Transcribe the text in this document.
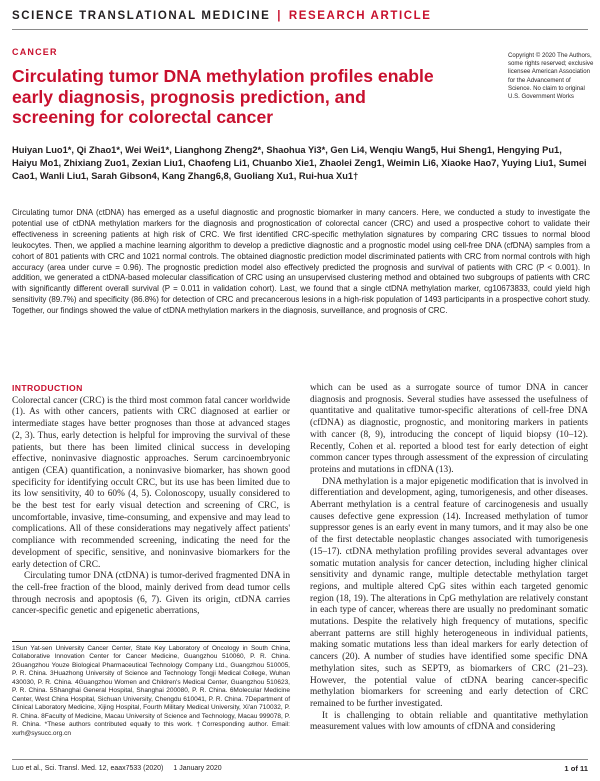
SCIENCE TRANSLATIONAL MEDICINE | RESEARCH ARTICLE
CANCER
Circulating tumor DNA methylation profiles enable early diagnosis, prognosis prediction, and screening for colorectal cancer
Copyright © 2020 The Authors, some rights reserved; exclusive licensee American Association for the Advancement of Science. No claim to original U.S. Government Works
Huiyan Luo1*, Qi Zhao1*, Wei Wei1*, Lianghong Zheng2*, Shaohua Yi3*, Gen Li4, Wenqiu Wang5, Hui Sheng1, Hengying Pu1, Haiyu Mo1, Zhixiang Zuo1, Zexian Liu1, Chaofeng Li1, Chuanbo Xie1, Zhaolei Zeng1, Weimin Li6, Xiaoke Hao7, Yuying Liu1, Sumei Cao1, Wanli Liu1, Sarah Gibson4, Kang Zhang6,8, Guoliang Xu1, Rui-hua Xu1†
Circulating tumor DNA (ctDNA) has emerged as a useful diagnostic and prognostic biomarker in many cancers. Here, we conducted a study to investigate the potential use of ctDNA methylation markers for the diagnosis and prognostication of colorectal cancer (CRC) and used a prospective cohort to validate their effectiveness in screening patients at high risk of CRC. We first identified CRC-specific methylation signatures by comparing CRC tissues to normal blood leukocytes. Then, we applied a machine learning algorithm to develop a predictive diagnostic and a prognostic model using cell-free DNA (cfDNA) samples from a cohort of 801 patients with CRC and 1021 normal controls. The obtained diagnostic prediction model discriminated patients with CRC from normal controls with high accuracy (area under curve = 0.96). The prognostic prediction model also effectively predicted the prognosis and survival of patients with CRC (P < 0.001). In addition, we generated a ctDNA-based molecular classification of CRC using an unsupervised clustering method and obtained two subgroups of patients with CRC with significantly different overall survival (P = 0.011 in validation cohort). Last, we found that a single ctDNA methylation marker, cg10673833, could yield high sensitivity (89.7%) and specificity (86.8%) for detection of CRC and precancerous lesions in a high-risk population of 1493 participants in a prospective cohort study. Together, our findings showed the value of ctDNA methylation markers in the diagnosis, surveillance, and prognosis of CRC.
INTRODUCTION

Colorectal cancer (CRC) is the third most common fatal cancer worldwide (1). As with other cancers, patients with CRC diagnosed at earlier or intermediate stages have better prognoses than those at advanced stages (2, 3). Thus, early detection is helpful for improving the survival of these patients, but there has been limited clinical success in developing effective, noninvasive diagnostic approaches. Serum carcinoembryonic antigen (CEA) quantification, a noninvasive biomarker, has shown good specificity for identifying occult CRC, but its use has been limited due to its low sensitivity, 40 to 60% (4, 5). Colonoscopy, usually considered to be the best test for early visual detection and screening of CRC, is uncomfortable, invasive, time-consuming, and expensive and may lead to complications. All of these considerations may negatively affect patients' compliance with recommended screening, indicating the need for the development of specific, sensitive, and noninvasive biomarkers for the early detection of CRC.

Circulating tumor DNA (ctDNA) is tumor-derived fragmented DNA in the cell-free fraction of the blood, mainly derived from dead tumor cells through necrosis and apoptosis (6, 7). Given its origin, ctDNA carries cancer-specific genetic and epigenetic aberrations,

which can be used as a surrogate source of tumor DNA in cancer diagnosis and prognosis. Several studies have assessed the usefulness of quantitative and qualitative tumor-specific alterations of cell-free DNA (cfDNA) as diagnostic, prognostic, and monitoring markers in patients with cancer (8, 9), introducing the concept of liquid biopsy (10–12). Recently, Cohen et al. reported a blood test for early detection of eight common cancer types through assessment of the expression of circulating proteins and mutations in cfDNA (13).

DNA methylation is a major epigenetic modification that is involved in differentiation and development, aging, tumorigenesis, and other diseases. Aberrant methylation is a central feature of carcinogenesis and usually causes defective gene expression (14). Increased methylation of tumor suppressor genes is an early event in many tumors, and it may also be one of the first detectable neoplastic changes associated with tumorigenesis (15–17). ctDNA methylation profiling provides several advantages over somatic mutation analysis for cancer detection, including higher clinical sensitivity and dynamic range, multiple detectable methylation target regions, and multiple altered CpG sites within each targeted genomic region (18, 19). The alterations in CpG methylation are relatively constant in each type of cancer, whereas there are usually no predominant somatic mutations. Despite the relatively high frequency of mutations, specific aberrant patterns are still highly heterogeneous in individual patients, making somatic mutations less than ideal markers for early detection of cancers (20). A number of studies have identified some specific DNA methylation sites, such as SEPT9, as biomarkers of CRC (21–23). However, the potential value of ctDNA bearing cancer-specific methylation biomarkers for screening and early detection of CRC remained to be further investigated.

It is challenging to obtain reliable and quantitative methylation measurement values with low amounts of cfDNA and considering

1Sun Yat-sen University Cancer Center, State Key Laboratory of Oncology in South China, Collaborative Innovation Center for Cancer Medicine, Guangzhou 510060, P. R. China. 2Guangzhou Youze Biological Pharmaceutical Technology Company Ltd., Guangzhou 510005, P. R. China. 3Huazhong University of Science and Technology Tongji Medical College, Wuhan 430030, P. R. China. 4Guangzhou Women and Children's Medical Center, Guangzhou 510623, P. R. China. 5Shanghai General Hospital, Shanghai 200080, P. R. China. 6Molecular Medicine Center, West China Hospital, Sichuan University, Chengdu 610041, P. R. China. 7Department of Clinical Laboratory Medicine, Xijing Hospital, Fourth Military Medical University, Xi'an 710032, P. R. China. 8Faculty of Medicine, Macau University of Science and Technology, Macau 999078, P. R. China. *These authors contributed equally to this work. †Corresponding author. Email: xurh@sysucc.org.cn
Luo et al., Sci. Transl. Med. 12, eaax7533 (2020) 1 January 2020	1 of 11
